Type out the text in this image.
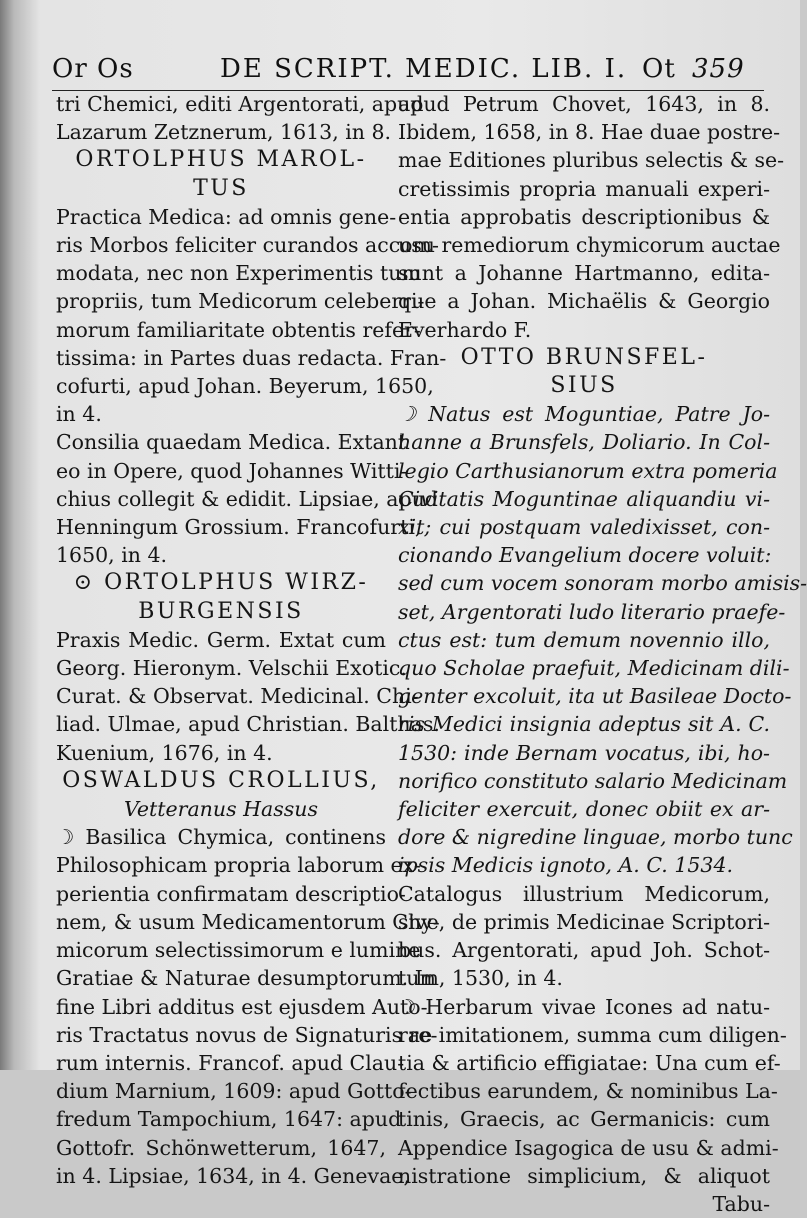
Or Os	DE SCRIPT. MEDIC. LIB. I. Ot 359
tri Chemici, editi Argentorati, apud
Lazarum Zetznerum, 1613, in 8.
ORTOLPHUS MAROL-
TUS
Practica Medica: ad omnis gene-
ris Morbos feliciter curandos accom-
modata, nec non Experimentis tum
propriis, tum Medicorum celeberri-
morum familiaritate obtentis refer-
tissima: in Partes duas redacta. Fran-
cofurti, apud Johan. Beyerum, 1650,
in 4.
Consilia quaedam Medica. Extant
eo in Opere, quod Johannes Witti-
chius collegit & edidit. Lipsiae, apud
Henningum Grossium. Francofurti,
1650, in 4.
⊙ ORTOLPHUS WIRZ-
BURGENSIS
Praxis Medic. Germ. Extat cum
Georg. Hieronym. Velschii Exotic.
Curat. & Observat. Medicinal. Chi-
liad. Ulmae, apud Christian. Balthas.
Kuenium, 1676, in 4.
OSWALDUS CROLLIUS,
Vetteranus Hassus
☽ Basilica Chymica, continens
Philosophicam propria laborum ex-
perientia confirmatam descriptio-
nem, & usum Medicamentorum Chy-
micorum selectissimorum e lumine
Gratiae & Naturae desumptorum. In
fine Libri additus est ejusdem Auto-
ris Tractatus novus de Signaturis re-
rum internis. Francof. apud Clau-
dium Marnium, 1609: apud Gotto-
fredum Tampochium, 1647: apud
Gottofr. Schönwetterum, 1647,
in 4. Lipsiae, 1634, in 4. Genevae,
apud Petrum Chovet, 1643, in 8.
Ibidem, 1658, in 8. Hae duae postre-
mae Editiones pluribus selectis & se-
cretissimis propria manuali experi-
entia approbatis descriptionibus &
usu remediorum chymicorum auctae
sunt a Johanne Hartmanno, edita-
que a Johan. Michaëlis & Georgio
Everhardo F.
OTTO BRUNSFEL-
SIUS
☽ Natus est Moguntiae, Patre Jo-
hanne a Brunsfels, Doliario. In Col-
legio Carthusianorum extra pomeria
Civitatis Moguntinae aliquandiu vi-
xit; cui postquam valedixisset, con-
cionando Evangelium docere voluit:
sed cum vocem sonoram morbo amisis-
set, Argentorati ludo literario praefe-
ctus est: tum demum novennio illo,
quo Scholae praefuit, Medicinam dili-
genter excoluit, ita ut Basileae Docto-
ris Medici insignia adeptus sit A. C.
1530: inde Bernam vocatus, ibi, ho-
norifico constituto salario Medicinam
feliciter exercuit, donec obiit ex ar-
dore & nigredine linguae, morbo tunc
ipsis Medicis ignoto, A. C. 1534.
Catalogus illustrium Medicorum,
sive, de primis Medicinae Scriptori-
bus. Argentorati, apud Joh. Schot-
tum, 1530, in 4.
☽ Herbarum vivae Icones ad natu-
rae imitationem, summa cum diligen-
tia & artificio effigiatae: Una cum ef-
fectibus earundem, & nominibus La-
tinis, Graecis, ac Germanicis: cum
Appendice Isagogica de usu & admi-
nistratione simplicium, & aliquot
Tabu-
